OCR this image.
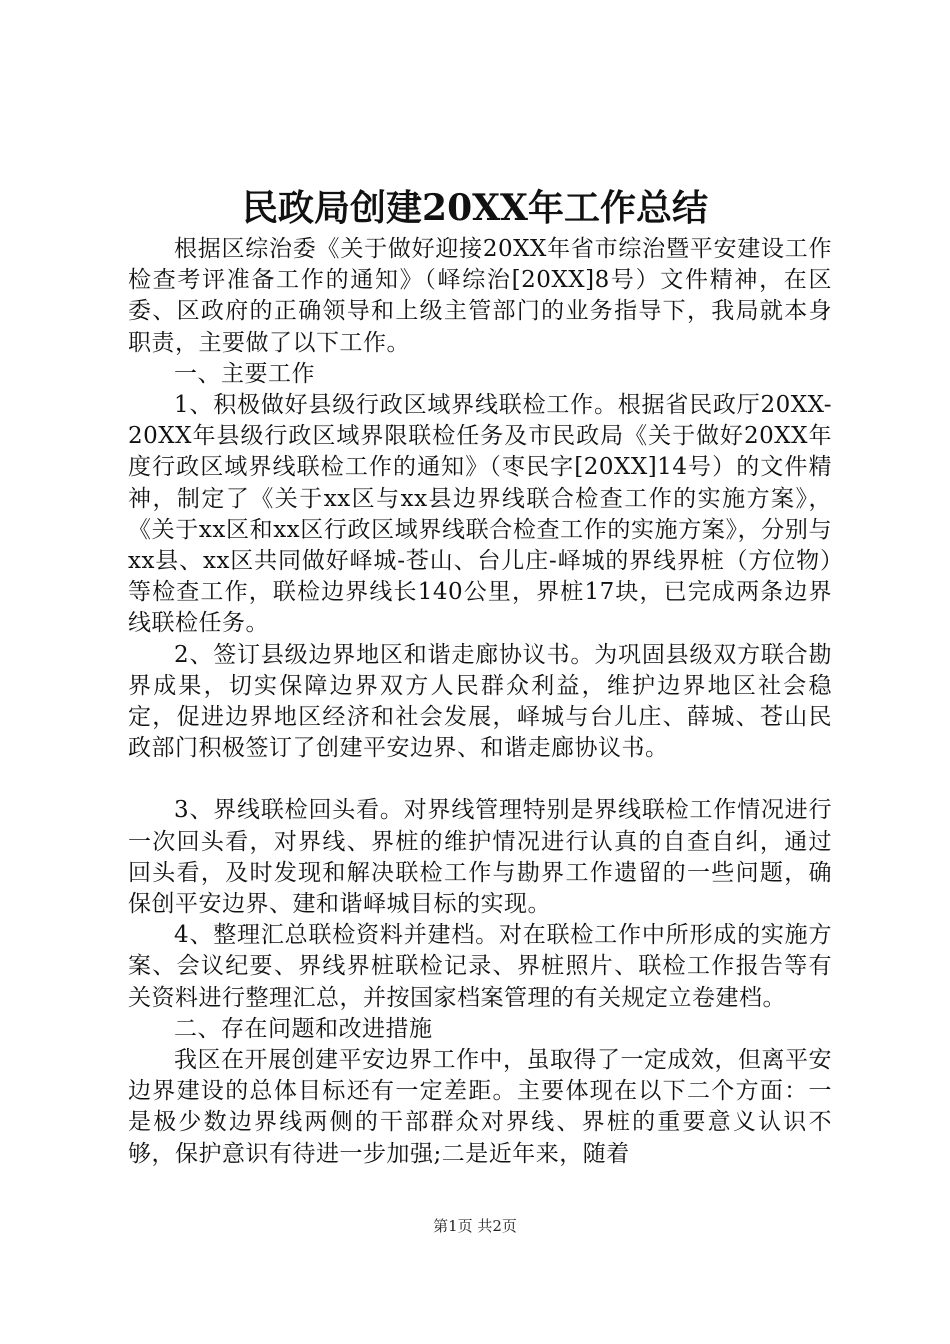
民政局创建20XX年工作总结

根据区综治委《关于做好迎接20XX年省市综治暨平安建设工作检查考评准备工作的通知》（峄综治[20XX]8号）文件精神，在区委、区政府的正确领导和上级主管部门的业务指导下，我局就本身职责，主要做了以下工作。

一、主要工作

1、积极做好县级行政区域界线联检工作。根据省民政厅20XX-20XX年县级行政区域界限联检任务及市民政局《关于做好20XX年度行政区域界线联检工作的通知》（枣民字[20XX]14号）的文件精神，制定了《关于xx区与xx县边界线联合检查工作的实施方案》，《关于xx区和xx区行政区域界线联合检查工作的实施方案》，分别与xx县、xx区共同做好峄城-苍山、台儿庄-峄城的界线界桩（方位物）等检查工作，联检边界线长140公里，界桩17块，已完成两条边界线联检任务。

2、签订县级边界地区和谐走廊协议书。为巩固县级双方联合勘界成果，切实保障边界双方人民群众利益，维护边界地区社会稳定，促进边界地区经济和社会发展，峄城与台儿庄、薛城、苍山民政部门积极签订了创建平安边界、和谐走廊协议书。

3、界线联检回头看。对界线管理特别是界线联检工作情况进行一次回头看，对界线、界桩的维护情况进行认真的自查自纠，通过回头看，及时发现和解决联检工作与勘界工作遗留的一些问题，确保创平安边界、建和谐峄城目标的实现。

4、整理汇总联检资料并建档。对在联检工作中所形成的实施方案、会议纪要、界线界桩联检记录、界桩照片、联检工作报告等有关资料进行整理汇总，并按国家档案管理的有关规定立卷建档。

二、存在问题和改进措施

我区在开展创建平安边界工作中，虽取得了一定成效，但离平安边界建设的总体目标还有一定差距。主要体现在以下二个方面：一是极少数边界线两侧的干部群众对界线、界桩的重要意义认识不够，保护意识有待进一步加强;二是近年来，随着

第1页 共2页
